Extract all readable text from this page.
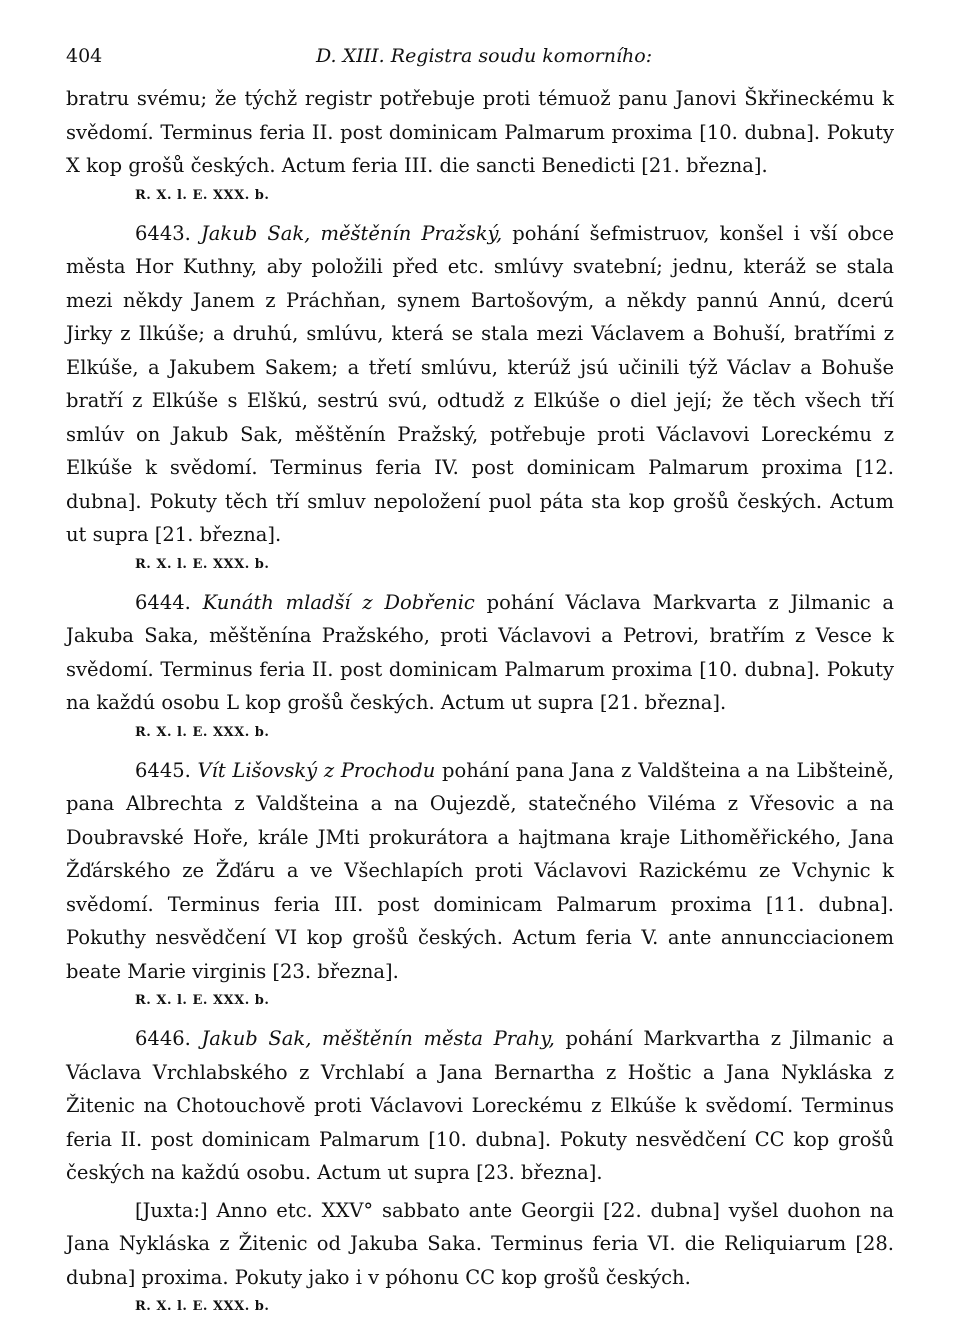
404	D. XIII. Registra soudu komorního:

bratru svému; že týchž registr potřebuje proti témuož panu Janovi Škřineckému k svědomí. Terminus feria II. post dominicam Palmarum proxima [10. dubna]. Pokuty X kop grošů českých. Actum feria III. die sancti Benedicti [21. března].

R. X. l. E. XXX. b.

6443. Jakub Sak, měštěnín Pražský, pohání šefmistruov, konšel i vší obce města Hor Kuthny, aby položili před etc. smlúvy svatební; jednu, kteráž se stala mezi někdy Janem z Práchňan, synem Bartošovým, a někdy pannú Annú, dcerú Jirky z Ilkúše; a druhú, smlúvu, která se stala mezi Václavem a Bohuší, bratřími z Elkúše, a Jakubem Sakem; a třetí smlúvu, kterúž jsú učinili týž Václav a Bohuše bratří z Elkúše s Elškú, sestrú svú, odtudž z Elkúše o diel její; že těch všech tří smlúv on Jakub Sak, měštěnín Pražský, potřebuje proti Václavovi Loreckému z Elkúše k svědomí. Terminus feria IV. post dominicam Palmarum proxima [12. dubna]. Pokuty těch tří smluv nepoložení puol páta sta kop grošů českých. Actum ut supra [21. března].

R. X. l. E. XXX. b.

6444. Kunáth mladší z Dobřenic pohání Václava Markvarta z Jilmanic a Jakuba Saka, měštěnína Pražského, proti Václavovi a Petrovi, bratřím z Vesce k svědomí. Terminus feria II. post dominicam Palmarum proxima [10. dubna]. Pokuty na každú osobu L kop grošů českých. Actum ut supra [21. března].

R. X. l. E. XXX. b.

6445. Vít Lišovský z Prochodu pohání pana Jana z Valdšteina a na Libšteině, pana Albrechta z Valdšteina a na Oujezdě, statečného Viléma z Vřesovic a na Doubravské Hoře, krále JMti prokurátora a hajtmana kraje Lithoměřického, Jana Žďárského ze Žďáru a ve Všechlapích proti Václavovi Razickému ze Vchynic k svědomí. Terminus feria III. post dominicam Palmarum proxima [11. dubna]. Pokuthy nesvědčení VI kop grošů českých. Actum feria V. ante annuncciacionem beate Marie virginis [23. března].

R. X. l. E. XXX. b.

6446. Jakub Sak, měštěnín města Prahy, pohání Markvartha z Jilmanic a Václava Vrchlabského z Vrchlabí a Jana Bernartha z Hoštic a Jana Nykláska z Žitenic na Chotouchově proti Václavovi Loreckému z Elkúše k svědomí. Terminus feria II. post dominicam Palmarum [10. dubna]. Pokuty nesvědčení CC kop grošů českých na každú osobu. Actum ut supra [23. března].

[Juxta:] Anno etc. XXV° sabbato ante Georgii [22. dubna] vyšel duohon na Jana Nykláska z Žitenic od Jakuba Saka. Terminus feria VI. die Reliquiarum [28. dubna] proxima. Pokuty jako i v póhonu CC kop grošů českých.

R. X. l. E. XXX. b.
